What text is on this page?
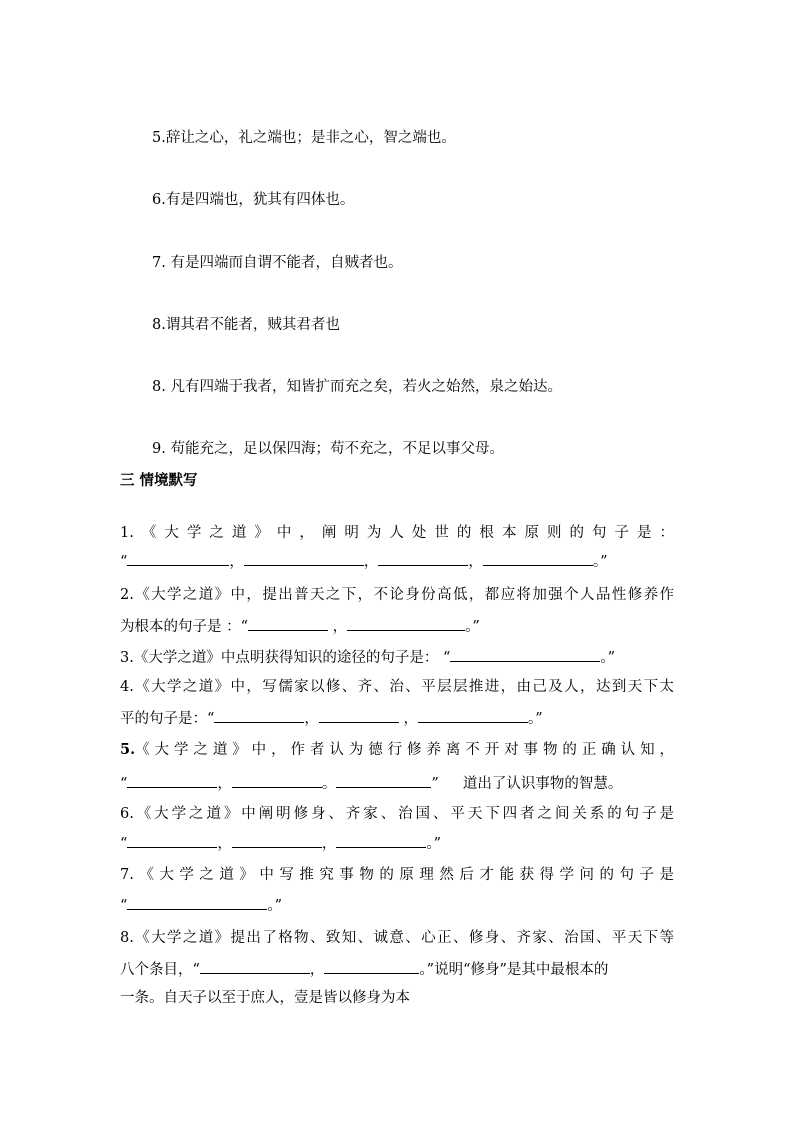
5.辞让之心，礼之端也；是非之心，智之端也。
6.有是四端也，犹其有四体也。
7. 有是四端而自谓不能者，自贼者也。
8.谓其君不能者，贼其君者也
8. 凡有四端于我者，知皆扩而充之矣，若火之始然，泉之始达。
9. 苟能充之，足以保四海；苟不充之，不足以事父母。
三 情境默写
1.《大学之道》中，阐明为人处世的根本原则的句子是：
“	，	，	，	。”
2.《大学之道》中，提出普天之下，不论身份高低，都应将加强个人品性修养作
为根本的句子是 ：“	，	。”
3.《大学之道》中点明获得知识的途径的句子是： “	。”
4.《大学之道》中，写儒家以修、齐、治、平层层推进，由己及人，达到天下太
平的句子是：“	，	，	。”
5. 《大学之道》中，作者认为德行修养离不开对事物的正确认知，
“	，	。	” 道出了认识事物的智慧。
6.《大学之道》中阐明修身、齐家、治国、平天下四者之间关系的句子是
“	，	，	。”
7.《大学之道》中写推究事物的原理然后才能获得学问的句子是
“	。”
8.《大学之道》提出了格物、致知、诚意、心正、修身、齐家、治国、平天下等
八个条目，“	，	。”说明“修身”是其中最根本的
一条。自天子以至于庶人，壹是皆以修身为本
